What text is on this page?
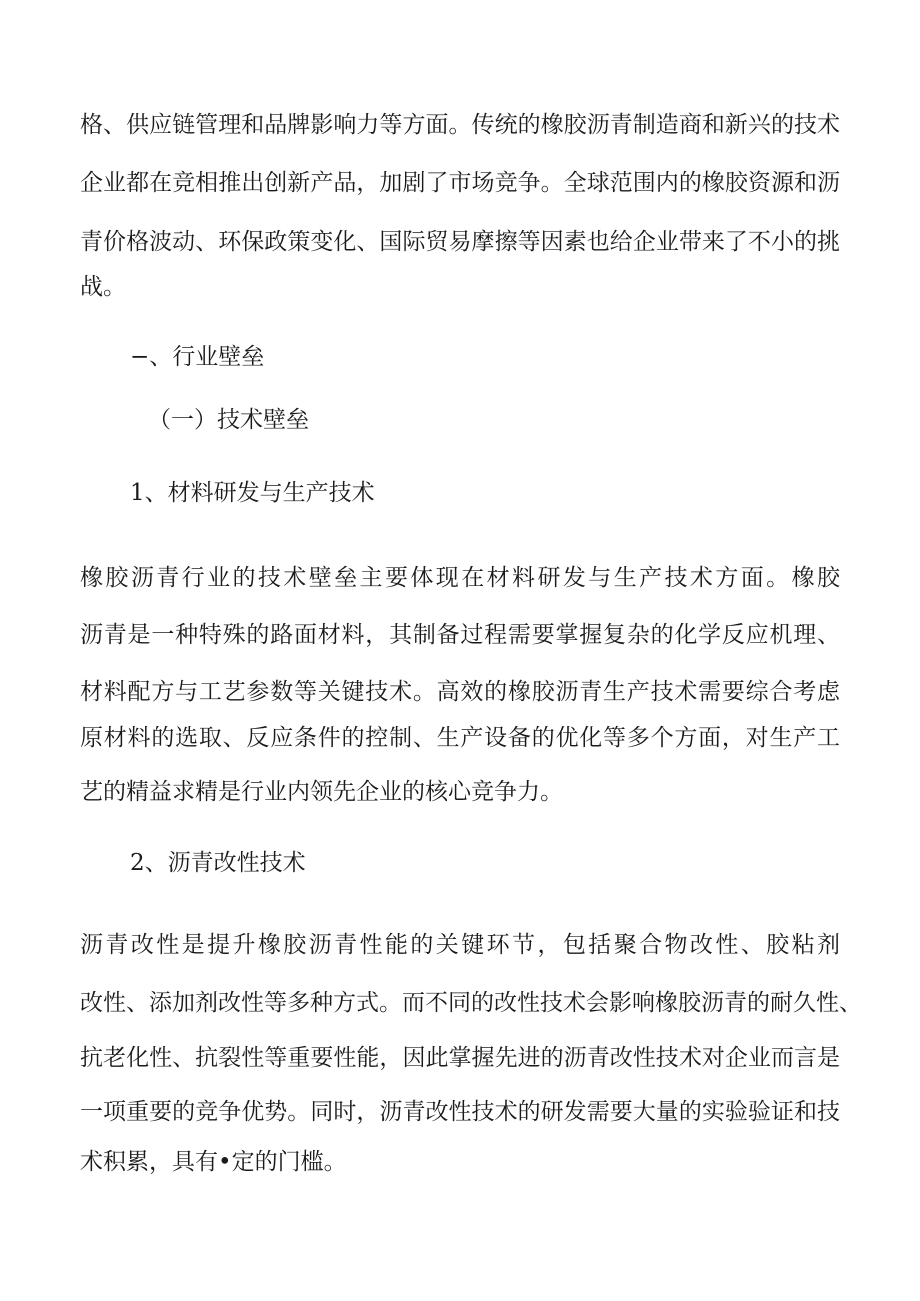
格、供应链管理和品牌影响力等方面。传统的橡胶沥青制造商和新兴的技术
企业都在竞相推出创新产品，加剧了市场竞争。全球范围内的橡胶资源和沥
青价格波动、环保政策变化、国际贸易摩擦等因素也给企业带来了不小的挑
战。
−、行业壁垒
（一）技术壁垒
1、材料研发与生产技术
橡胶沥青行业的技术壁垒主要体现在材料研发与生产技术方面。橡胶
沥青是一种特殊的路面材料，其制备过程需要掌握复杂的化学反应机理、
材料配方与工艺参数等关键技术。高效的橡胶沥青生产技术需要综合考虑
原材料的选取、反应条件的控制、生产设备的优化等多个方面，对生产工
艺的精益求精是行业内领先企业的核心竞争力。
2、沥青改性技术
沥青改性是提升橡胶沥青性能的关键环节，包括聚合物改性、胶粘剂
改性、添加剂改性等多种方式。而不同的改性技术会影响橡胶沥青的耐久性、
抗老化性、抗裂性等重要性能，因此掌握先进的沥青改性技术对企业而言是
一项重要的竞争优势。同时，沥青改性技术的研发需要大量的实验验证和技
术积累，具有•定的门槛。
